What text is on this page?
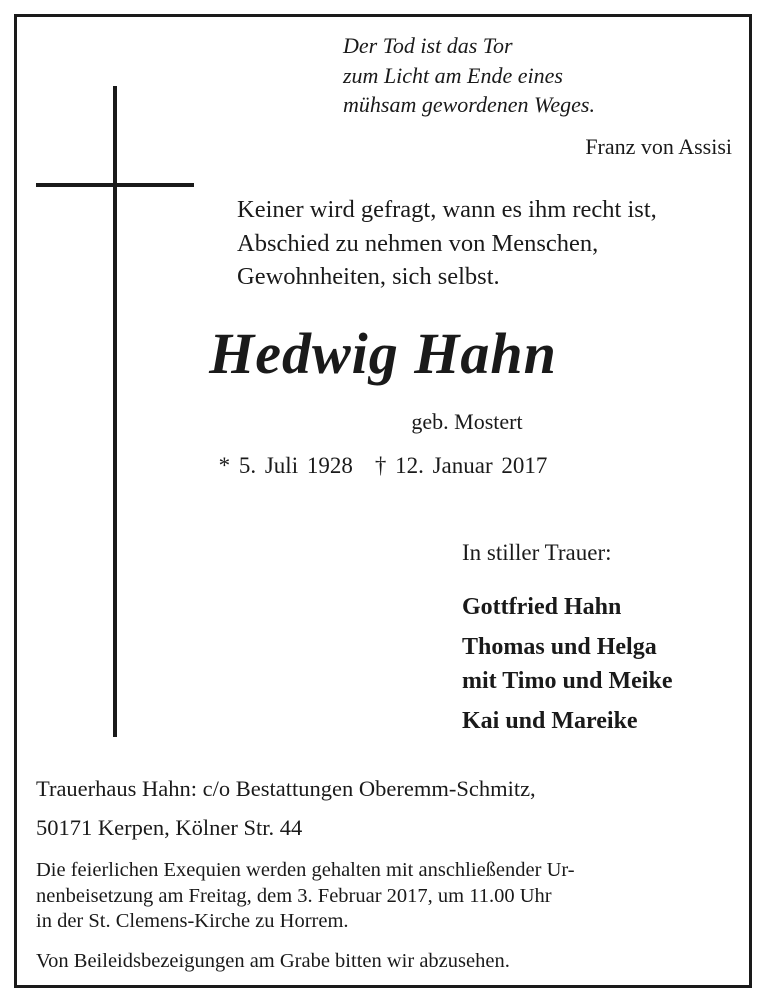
Der Tod ist das Tor
zum Licht am Ende eines
mühsam gewordenen Weges.
Franz von Assisi
Keiner wird gefragt, wann es ihm recht ist,
Abschied zu nehmen von Menschen,
Gewohnheiten, sich selbst.
Hedwig Hahn
geb. Mostert
* 5. Juli 1928 † 12. Januar 2017
In stiller Trauer:
Gottfried Hahn
Thomas und Helga
mit Timo und Meike
Kai und Mareike
Trauerhaus Hahn: c/o Bestattungen Oberemm-Schmitz,
50171 Kerpen, Kölner Str. 44
Die feierlichen Exequien werden gehalten mit anschließender Ur-
nenbeisetzung am Freitag, dem 3. Februar 2017, um 11.00 Uhr
in der St. Clemens-Kirche zu Horrem.
Von Beileidsbezeigungen am Grabe bitten wir abzusehen.
